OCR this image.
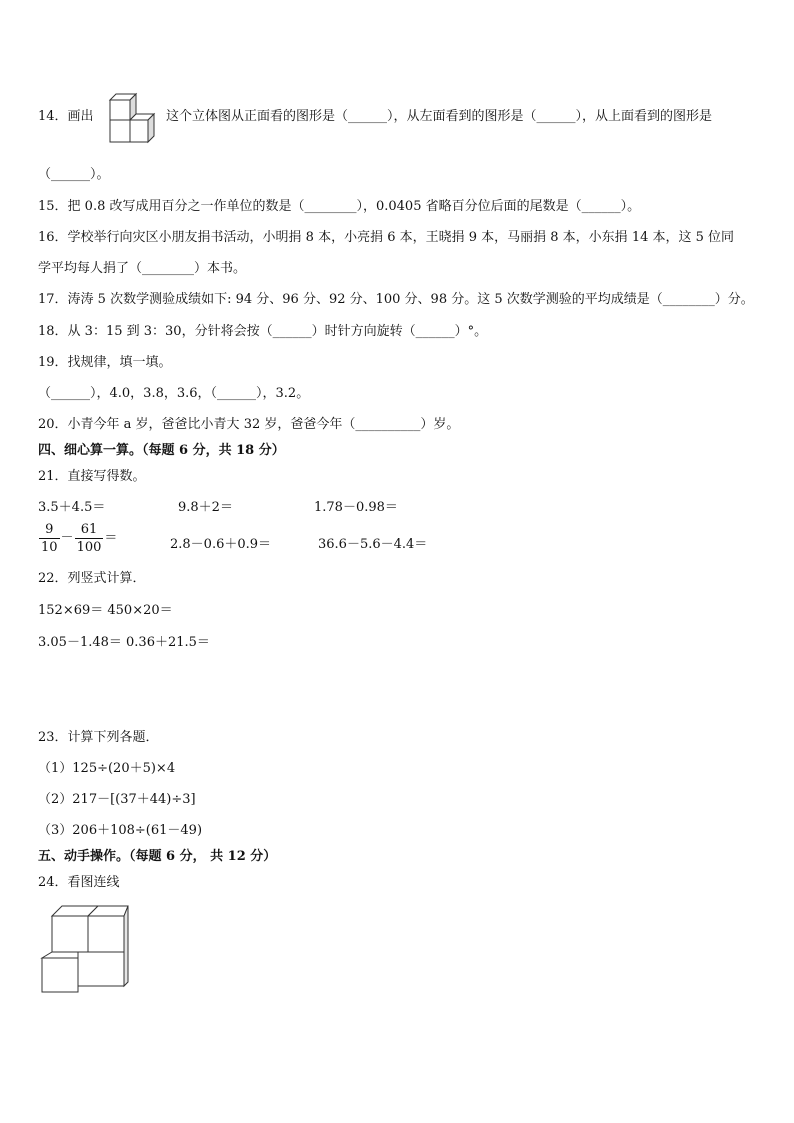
14．画出	这个立体图从正面看的图形是（______），从左面看到的图形是（______），从上面看到的图形是
（______）。
15．把 0.8 改写成用百分之一作单位的数是（________），0.0405 省略百分位后面的尾数是（______）。
16．学校举行向灾区小朋友捐书活动，小明捐 8 本，小亮捐 6 本，王晓捐 9 本，马丽捐 8 本，小东捐 14 本，这 5 位同
学平均每人捐了（________）本书。
17．涛涛 5 次数学测验成绩如下: 94 分、96 分、92 分、100 分、98 分。这 5 次数学测验的平均成绩是（________）分。
18．从 3：15 到 3：30，分针将会按（______）时针方向旋转（______）°。
19．找规律，填一填。
（______），4.0，3.8，3.6，（______），3.2。
20．小青今年 a 岁，爸爸比小青大 32 岁，爸爸今年（__________）岁。
四、细心算一算。（每题 6 分，共 18 分）
21．直接写得数。
3.5＋4.5＝	9.8＋2＝	1.78－0.98＝
$\frac{9}{10} - \frac{61}{100}$ ＝	2.8－0.6＋0.9＝	36.6－5.6－4.4＝
22．列竖式计算．
152×69＝ 450×20＝
3.05－1.48＝ 0.36＋21.5＝
23．计算下列各题．
（1）125÷(20＋5)×4
（2）217－[(37＋44)÷3]
（3）206＋108÷(61－49)
五、动手操作。（每题 6 分， 共 12 分）
24．看图连线
